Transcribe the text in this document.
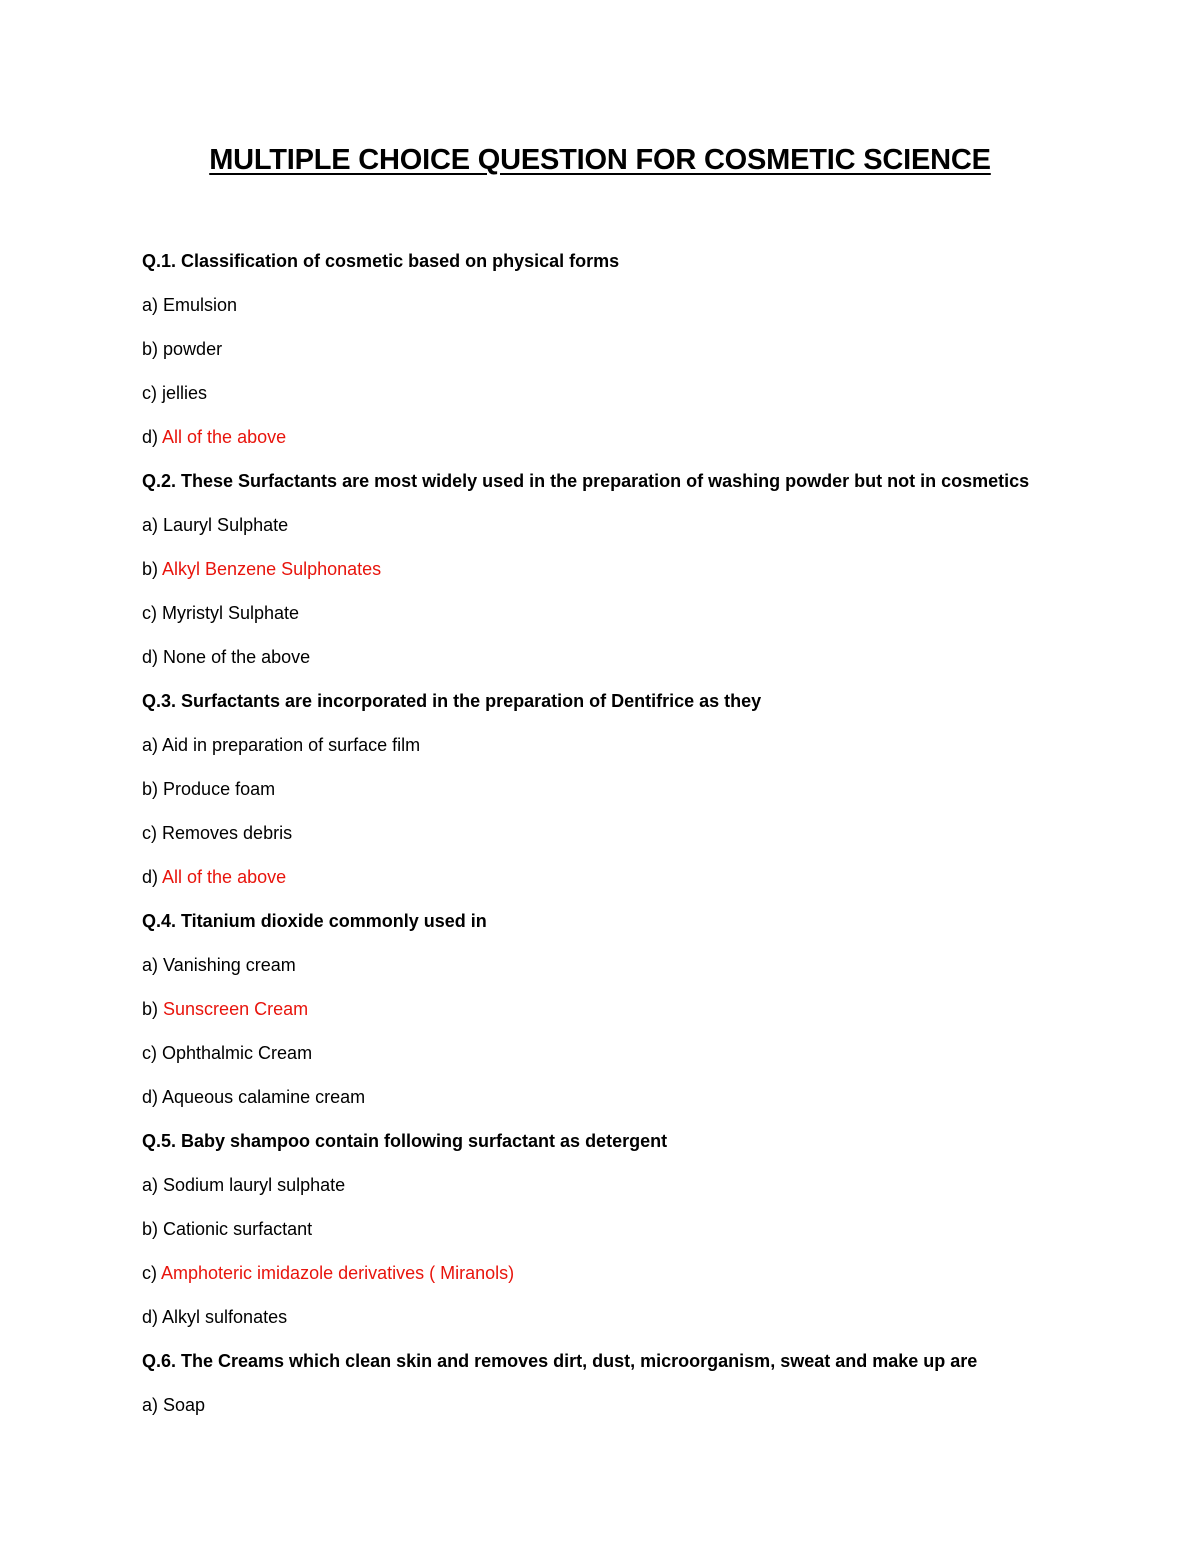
MULTIPLE CHOICE QUESTION FOR COSMETIC SCIENCE
Q.1. Classification of cosmetic based on physical forms
a) Emulsion
b) powder
c) jellies
d) All of the above
Q.2. These Surfactants are most widely used in the preparation of washing powder but not in cosmetics
a) Lauryl Sulphate
b) Alkyl Benzene Sulphonates
c) Myristyl Sulphate
d) None of the above
Q.3. Surfactants are incorporated in the preparation of Dentifrice as they
a) Aid in preparation of surface film
b) Produce foam
c) Removes debris
d) All of the above
Q.4. Titanium dioxide commonly used in
a) Vanishing cream
b) Sunscreen Cream
c) Ophthalmic Cream
d) Aqueous calamine cream
Q.5. Baby shampoo contain following surfactant as detergent
a) Sodium lauryl sulphate
b) Cationic surfactant
c) Amphoteric imidazole derivatives ( Miranols)
d) Alkyl sulfonates
Q.6. The Creams which clean skin and removes dirt, dust, microorganism, sweat and make up are
a) Soap
